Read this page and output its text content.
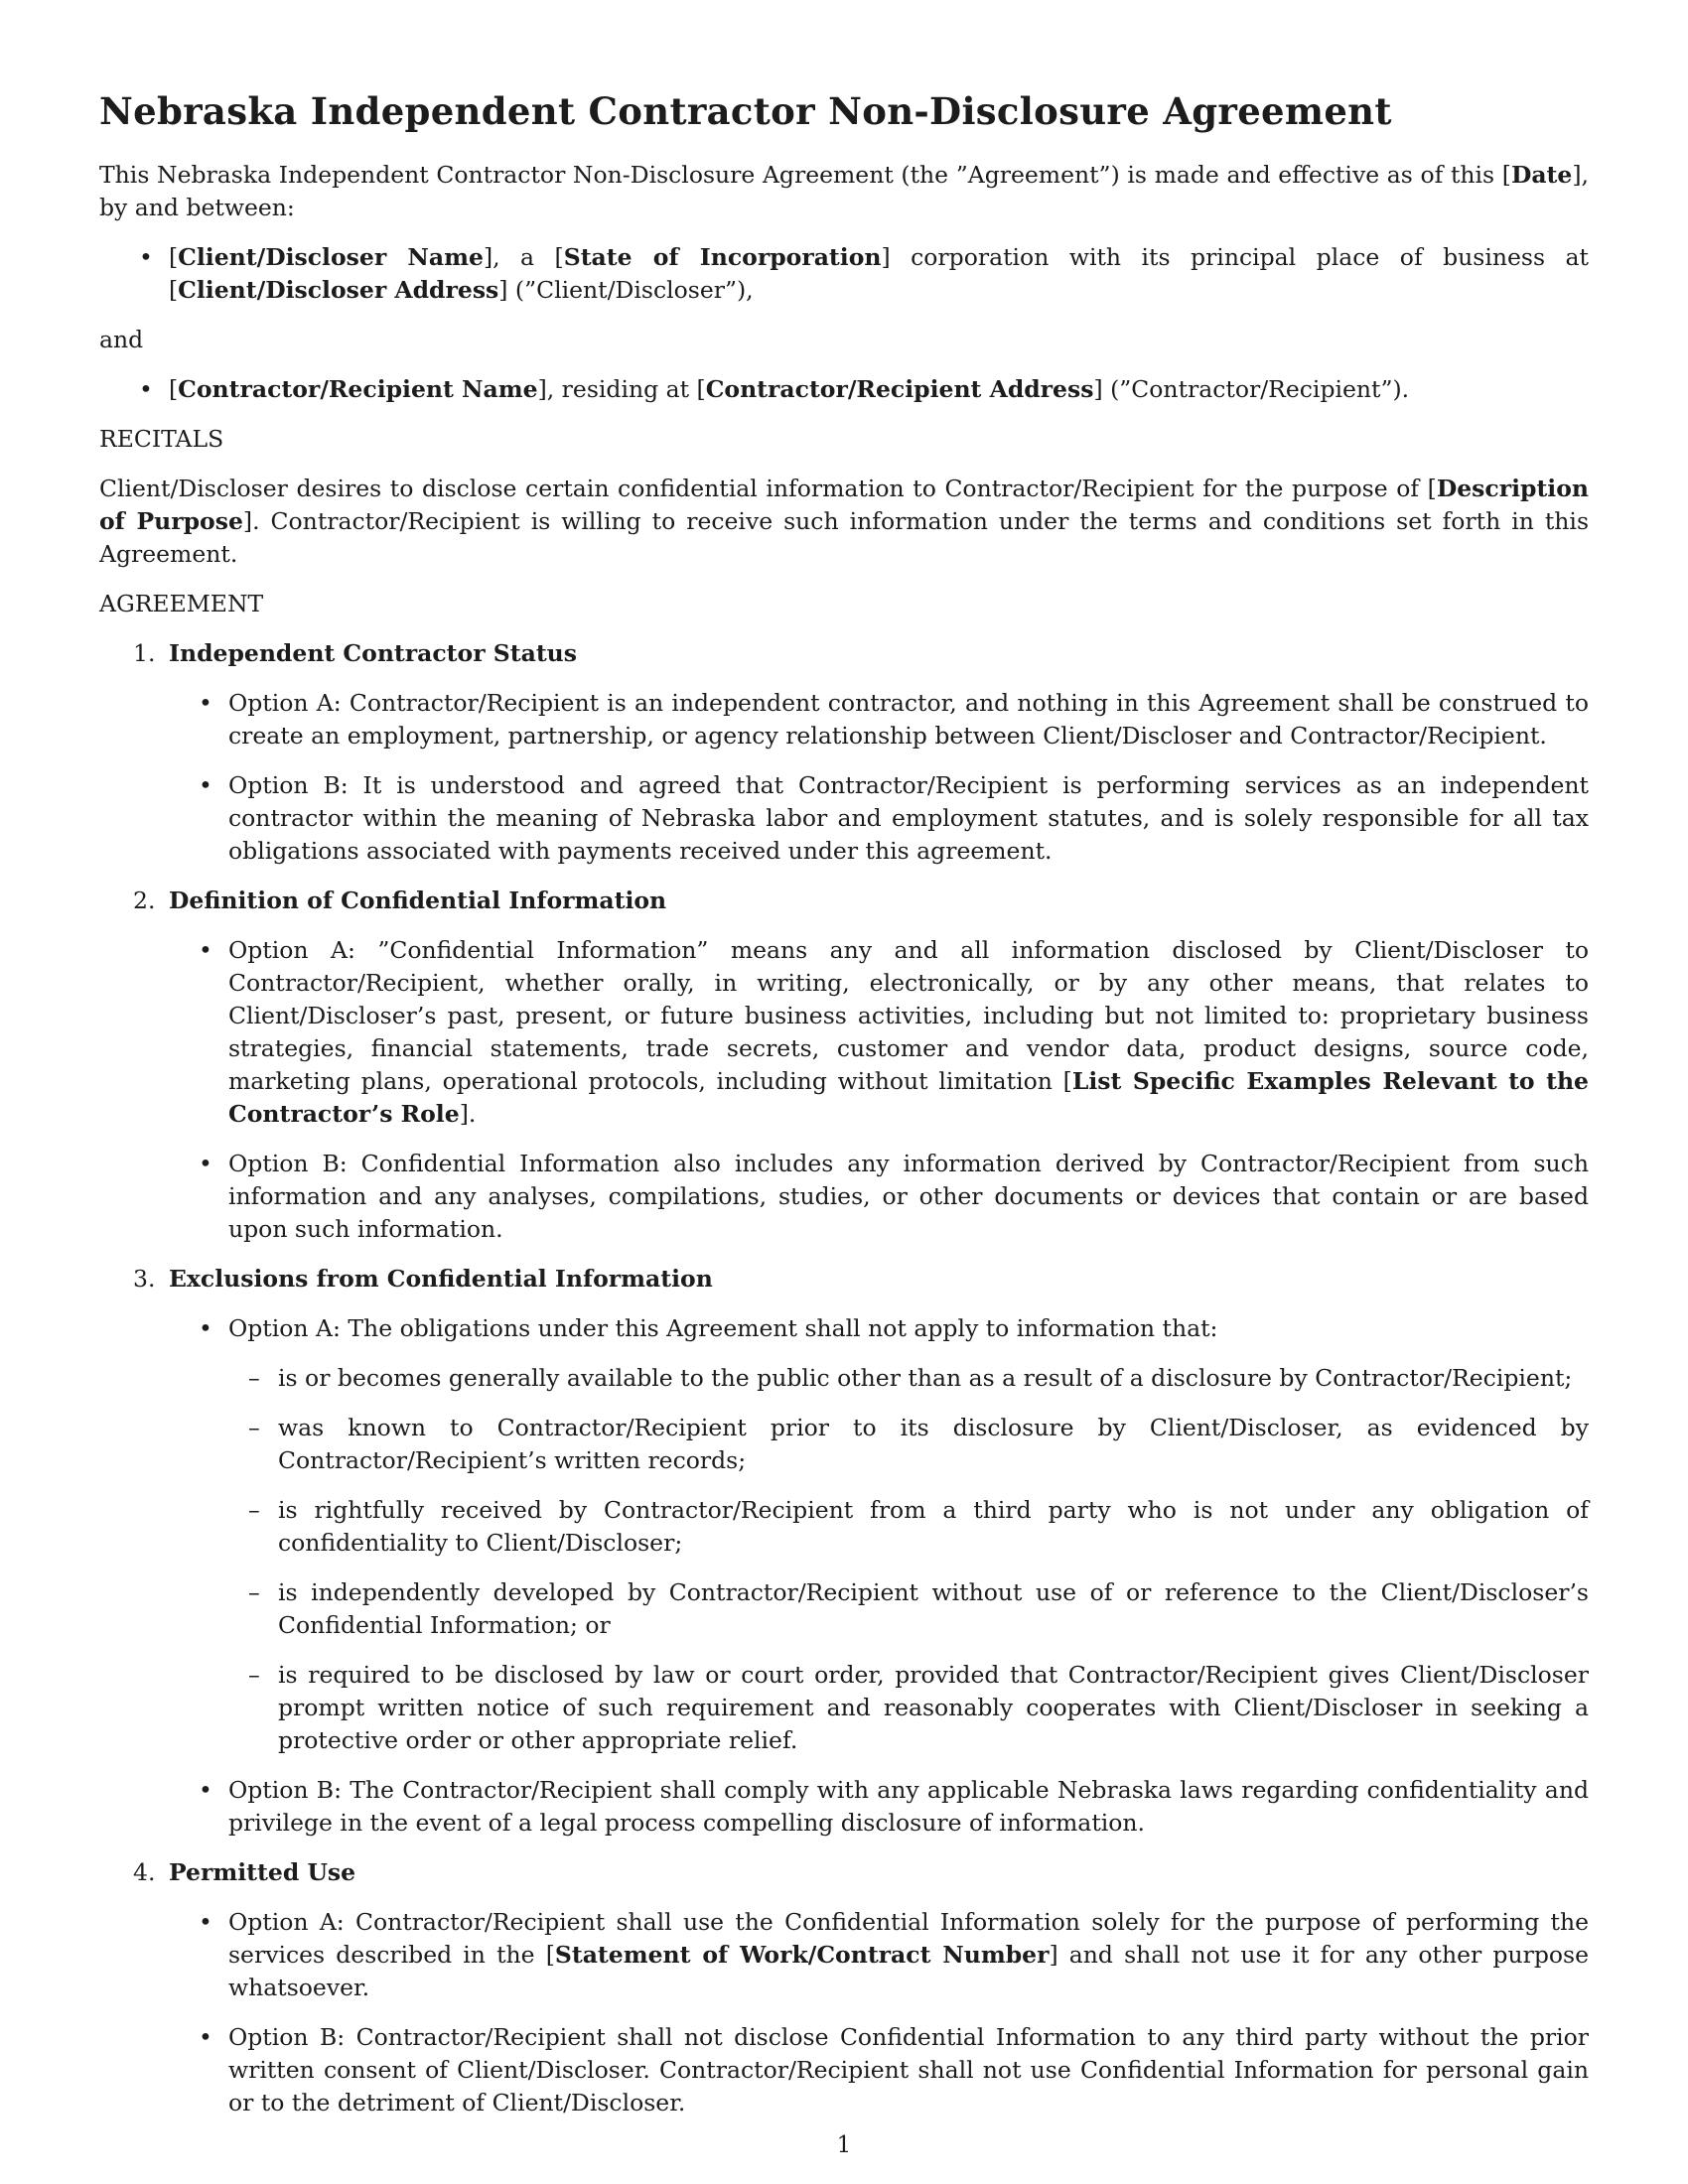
Nebraska Independent Contractor Non-Disclosure Agreement

This Nebraska Independent Contractor Non-Disclosure Agreement (the ”Agreement”) is made and effective as of this [Date], by and between:

• [Client/Discloser Name], a [State of Incorporation] corporation with its principal place of business at [Client/Discloser Address] (”Client/Discloser”),
and
• [Contractor/Recipient Name], residing at [Contractor/Recipient Address] (”Contractor/Recipient”).
RECITALS

Client/Discloser desires to disclose certain confidential information to Contractor/Recipient for the purpose of [Description of Purpose]. Contractor/Recipient is willing to receive such information under the terms and conditions set forth in this Agreement.

AGREEMENT
1. Independent Contractor Status
• Option A: Contractor/Recipient is an independent contractor, and nothing in this Agreement shall be construed to create an employment, partnership, or agency relationship between Client/Discloser and Contractor/Recipient.
• Option B: It is understood and agreed that Contractor/Recipient is performing services as an independent contractor within the meaning of Nebraska labor and employment statutes, and is solely responsible for all tax obligations associated with payments received under this agreement.
2. Definition of Confidential Information
• Option A: ”Confidential Information” means any and all information disclosed by Client/Discloser to Contractor/Recipient, whether orally, in writing, electronically, or by any other means, that relates to Client/Discloser’s past, present, or future business activities, including but not limited to: proprietary business strategies, financial statements, trade secrets, customer and vendor data, product designs, source code, marketing plans, operational protocols, including without limitation [List Specific Examples Relevant to the Contractor’s Role].
• Option B: Confidential Information also includes any information derived by Contractor/Recipient from such information and any analyses, compilations, studies, or other documents or devices that contain or are based upon such information.
3. Exclusions from Confidential Information
• Option A: The obligations under this Agreement shall not apply to information that:
– is or becomes generally available to the public other than as a result of a disclosure by Contractor/Recipient;
– was known to Contractor/Recipient prior to its disclosure by Client/Discloser, as evidenced by Contractor/Recipient’s written records;
– is rightfully received by Contractor/Recipient from a third party who is not under any obligation of confidentiality to Client/Discloser;
– is independently developed by Contractor/Recipient without use of or reference to the Client/Discloser’s Confidential Information; or
– is required to be disclosed by law or court order, provided that Contractor/Recipient gives Client/Discloser prompt written notice of such requirement and reasonably cooperates with Client/Discloser in seeking a protective order or other appropriate relief.
• Option B: The Contractor/Recipient shall comply with any applicable Nebraska laws regarding confidentiality and privilege in the event of a legal process compelling disclosure of information.
4. Permitted Use
• Option A: Contractor/Recipient shall use the Confidential Information solely for the purpose of performing the services described in the [Statement of Work/Contract Number] and shall not use it for any other purpose whatsoever.
• Option B: Contractor/Recipient shall not disclose Confidential Information to any third party without the prior written consent of Client/Discloser. Contractor/Recipient shall not use Confidential Information for personal gain or to the detriment of Client/Discloser.
1
